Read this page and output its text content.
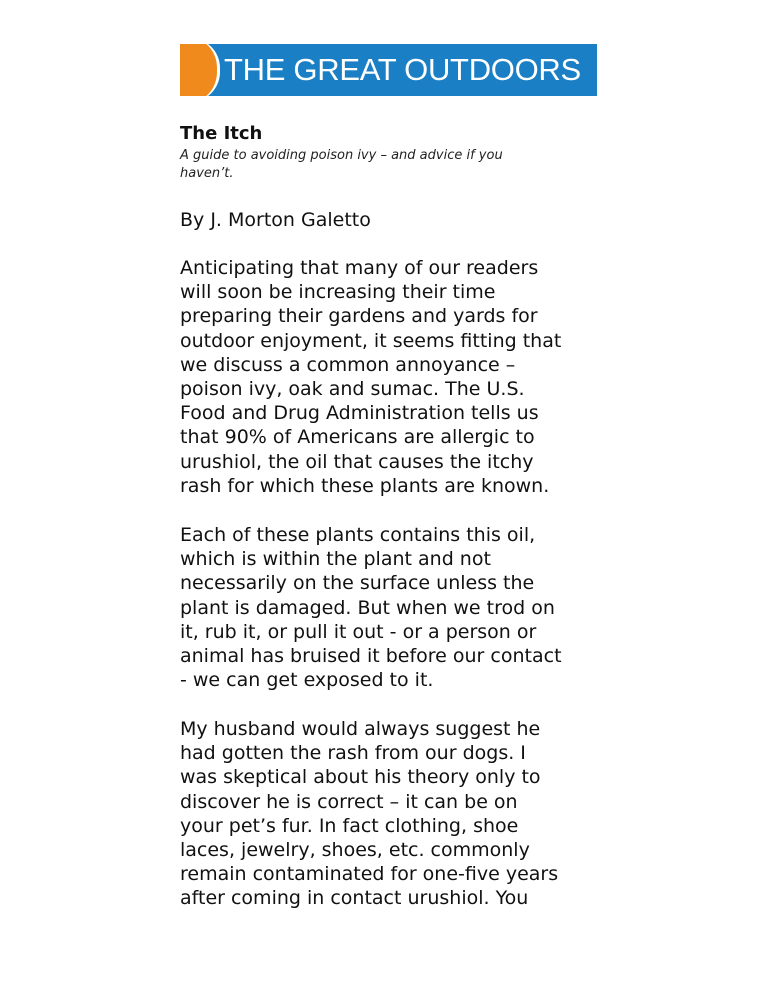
THE GREAT OUTDOORS
The Itch

A guide to avoiding poison ivy – and advice if you
haven’t.

By J. Morton Galetto

Anticipating that many of our readers
will soon be increasing their time
preparing their gardens and yards for
outdoor enjoyment, it seems fitting that
we discuss a common annoyance –
poison ivy, oak and sumac. The U.S.
Food and Drug Administration tells us
that 90% of Americans are allergic to
urushiol, the oil that causes the itchy
rash for which these plants are known.

Each of these plants contains this oil,
which is within the plant and not
necessarily on the surface unless the
plant is damaged. But when we trod on
it, rub it, or pull it out - or a person or
animal has bruised it before our contact
- we can get exposed to it.

My husband would always suggest he
had gotten the rash from our dogs. I
was skeptical about his theory only to
discover he is correct – it can be on
your pet’s fur. In fact clothing, shoe
laces, jewelry, shoes, etc. commonly
remain contaminated for one-five years
after coming in contact urushiol. You
